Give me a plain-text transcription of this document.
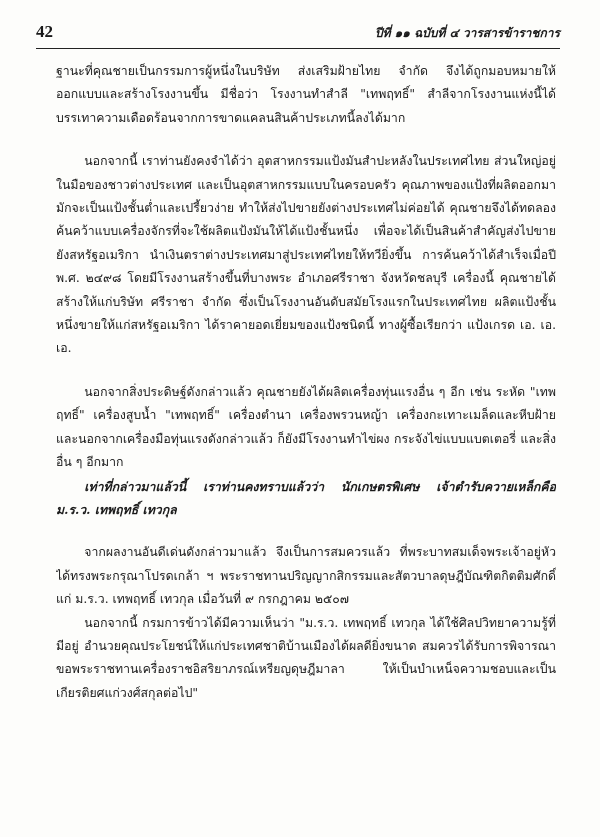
42	ปีที่ ๑๑ ฉบับที่ ๔ วารสารข้าราชการ

ฐานะที่คุณชายเป็นกรรมการผู้หนึ่งในบริษัท ส่งเสริมฝ้ายไทย จำกัด จึงได้ถูกมอบหมายให้ออกแบบและสร้างโรงงานขึ้น มีชื่อว่า โรงงานทำสำลี "เทพฤทธิ์" สำลีจากโรงงานแห่งนี้ได้บรรเทาความเดือดร้อนจากการขาดแคลนสินค้าประเภทนี้ลงได้มาก

นอกจากนี้ เราท่านยังคงจำได้ว่า อุตสาหกรรมแป้งมันสำปะหลังในประเทศไทย ส่วนใหญ่อยู่ในมือของชาวต่างประเทศ และเป็นอุตสาหกรรมแบบในครอบครัว คุณภาพของแป้งที่ผลิตออกมามักจะเป็นแป้งชั้นต่ำและเปรี้ยวง่าย ทำให้ส่งไปขายยังต่างประเทศไม่ค่อยได้ คุณชายจึงได้ทดลองค้นคว้าแบบเครื่องจักรที่จะใช้ผลิตแป้งมันให้ได้แป้งชั้นหนึ่ง เพื่อจะได้เป็นสินค้าสำคัญส่งไปขายยังสหรัฐอเมริกา นำเงินตราต่างประเทศมาสู่ประเทศไทยให้ทวียิ่งขึ้น การค้นคว้าได้สำเร็จเมื่อปี พ.ศ. ๒๔๙๘ โดยมีโรงงานสร้างขึ้นที่บางพระ อำเภอศรีราชา จังหวัดชลบุรี เครื่องนี้ คุณชายได้สร้างให้แก่บริษัท ศรีราชา จำกัด ซึ่งเป็นโรงงานอันดับสมัยโรงแรกในประเทศไทย ผลิตแป้งชั้นหนึ่งขายให้แก่สหรัฐอเมริกา ได้ราคายอดเยี่ยมของแป้งชนิดนี้ ทางผู้ซื้อเรียกว่า แป้งเกรด เอ. เอ. เอ.

นอกจากสิ่งประดิษฐ์ดังกล่าวแล้ว คุณชายยังได้ผลิตเครื่องทุ่นแรงอื่น ๆ อีก เช่น ระหัด "เทพฤทธิ์" เครื่องสูบน้ำ "เทพฤทธิ์" เครื่องตำนา เครื่องพรวนหญ้า เครื่องกะเทาะเมล็ดและหีบฝ้าย และนอกจากเครื่องมือทุ่นแรงดังกล่าวแล้ว ก็ยังมีโรงงานทำไข่ผง กระจังไข่แบบแบตเตอรี่ และสิ่งอื่น ๆ อีกมาก

เท่าที่กล่าวมาแล้วนี้ เราท่านคงทราบแล้วว่า นักเกษตรพิเศษ เจ้าตำรับควายเหล็กคือ ม.ร.ว. เทพฤทธิ์ เทวกุล

จากผลงานอันดีเด่นดังกล่าวมาแล้ว จึงเป็นการสมควรแล้ว ที่พระบาทสมเด็จพระเจ้าอยู่หัว ได้ทรงพระกรุณาโปรดเกล้า ฯ พระราชทานปริญญากสิกรรมและสัตวบาลดุษฎีบัณฑิตกิตติมศักดิ์ แก่ ม.ร.ว. เทพฤทธิ์ เทวกุล เมื่อวันที่ ๙ กรกฎาคม ๒๕๐๗

นอกจากนี้ กรมการข้าวได้มีความเห็นว่า "ม.ร.ว. เทพฤทธิ์ เทวกุล ได้ใช้ศิลปวิทยาความรู้ที่มีอยู่ อำนวยคุณประโยชน์ให้แก่ประเทศชาติบ้านเมืองได้ผลดียิ่งขนาด สมควรได้รับการพิจารณาขอพระราชทานเครื่องราชอิสริยาภรณ์เหรียญดุษฎีมาลา ให้เป็นบำเหน็จความชอบและเป็นเกียรติยศแก่วงศ์สกุลต่อไป"
